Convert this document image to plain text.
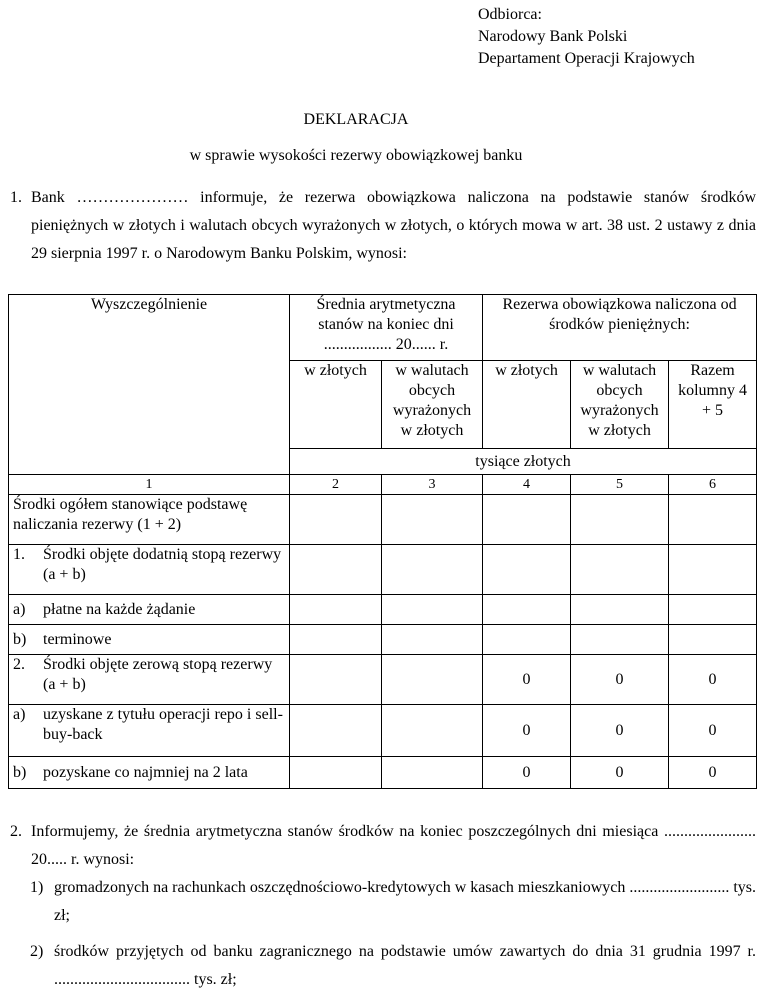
Odbiorca:
Narodowy Bank Polski
Departament Operacji Krajowych
DEKLARACJA
w sprawie wysokości rezerwy obowiązkowej banku
1. Bank ………………… informuje, że rezerwa obowiązkowa naliczona na podstawie stanów środków pieniężnych w złotych i walutach obcych wyrażonych w złotych, o których mowa w art. 38 ust. 2 ustawy z dnia 29 sierpnia 1997 r. o Narodowym Banku Polskim, wynosi:
Wyszczególnienie	Średnia arytmetyczna stanów na koniec dni ................. 20...... r.		Rezerwa obowiązkowa naliczona od środków pieniężnych:		
	w złotych	w walutach obcych wyrażonych w złotych	w złotych	w walutach obcych wyrażonych w złotych	Razem kolumny 4 + 5
	tysiące złotych				
1	2	3	4	5	6
Środki ogółem stanowiące podstawę naliczania rezerwy (1 + 2)					

1. Środki objęte dodatnią stopą rezerwy (a + b)					

a) płatne na każde żądanie					

b) terminowe					

2. Środki objęte zerową stopą rezerwy (a + b)			0	0	0

a) uzyskane z tytułu operacji repo i sell-buy-back			0	0	0

b) pozyskane co najmniej na 2 lata			0	0	0
2. Informujemy, że średnia arytmetyczna stanów środków na koniec poszczególnych dni miesiąca ....................... 20..... r. wynosi:
1) gromadzonych na rachunkach oszczędnościowo-kredytowych w kasach mieszkaniowych ......................... tys. zł;
2) środków przyjętych od banku zagranicznego na podstawie umów zawartych do dnia 31 grudnia 1997 r. .................................. tys. zł;
